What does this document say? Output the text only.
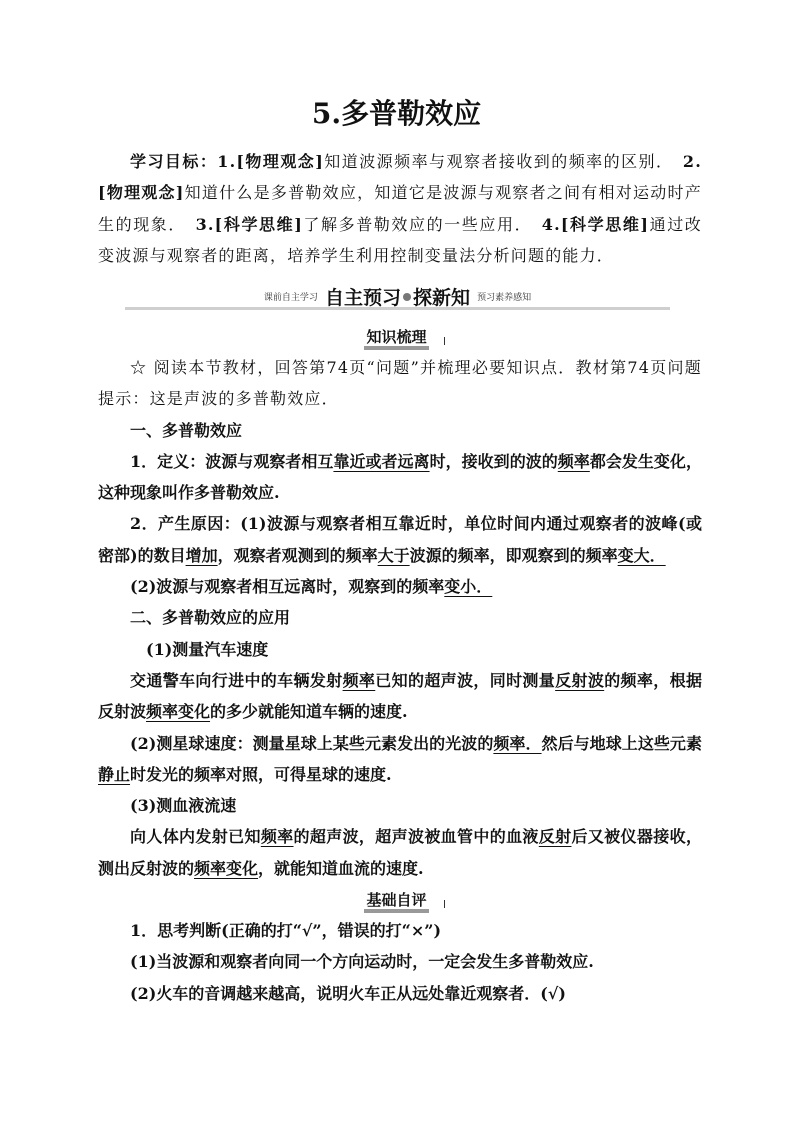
5.多普勒效应
学习目标：1.[物理观念]知道波源频率与观察者接收到的频率的区别．　2.[物理观念]知道什么是多普勒效应，知道它是波源与观察者之间有相对运动时产生的现象．　3.[科学思维]了解多普勒效应的一些应用．　4.[科学思维]通过改变波源与观察者的距离，培养学生利用控制变量法分析问题的能力．
课前自主学习 自主预习 探新知 预习素养感知
知识梳理
☆ 阅读本节教材，回答第74页“问题”并梳理必要知识点．教材第74页问题提示：这是声波的多普勒效应．
一、多普勒效应
1．定义：波源与观察者相互靠近或者远离时，接收到的波的频率都会发生变化，这种现象叫作多普勒效应.
2．产生原因：(1)波源与观察者相互靠近时，单位时间内通过观察者的波峰(或密部)的数目增加，观察者观测到的频率大于波源的频率，即观察到的频率变大．
(2)波源与观察者相互远离时，观察到的频率变小．
二、多普勒效应的应用
　(1)测量汽车速度
交通警车向行进中的车辆发射频率已知的超声波，同时测量反射波的频率，根据反射波频率变化的多少就能知道车辆的速度.
(2)测星球速度：测量星球上某些元素发出的光波的频率．然后与地球上这些元素静止时发光的频率对照，可得星球的速度.
(3)测血液流速
向人体内发射已知频率的超声波，超声波被血管中的血液反射后又被仪器接收，测出反射波的频率变化，就能知道血流的速度.
基础自评
1．思考判断(正确的打“√”，错误的打“×”)
(1)当波源和观察者向同一个方向运动时，一定会发生多普勒效应.
(2)火车的音调越来越高，说明火车正从远处靠近观察者．(√)
